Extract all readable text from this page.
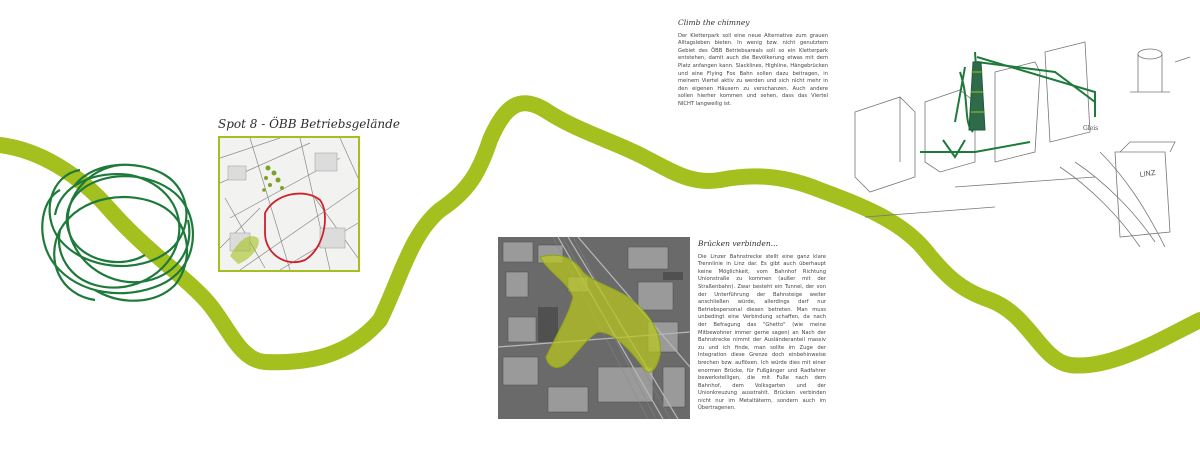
Spot 8 - ÖBB Betriebsgelände
Climb the chimney
Der Kletterpark soll eine neue Alternative zum grauen Alltagsleben bieten. In wenig bzw. nicht genutztem Gebiet des ÖBB Betriebsareals soll so ein Kletterpark entstehen, damit auch die Bevölkerung etwas mit dem Platz anfangen kann. Slacklines, Highline, Hängebrücken und eine Flying Fox Bahn sollen dazu beitragen, in meinem Viertel aktiv zu werden und sich nicht mehr in den eigenen Häusern zu verschanzen. Auch andere sollen hierher kommen und sehen, dass das Viertel NICHT langweilig ist.
LINZ
Gleis
Brücken verbinden...
Die Linzer Bahnstrecke stellt eine ganz klare Trennlinie in Linz dar. Es gibt auch überhaupt keine Möglichkeit, vom Bahnhof Richtung Unionstraße zu kommen (außer mit der Straßenbahn). Zwar besteht ein Tunnel, der von der Unterführung der Bahnsteige weiter anschließen würde, allerdings darf nur Betriebspersonal diesen betreten. Man muss unbedingt eine Verbindung schaffen, da nach der Befragung das "Ghetto" (wie meine Mitbewohner immer gerne sagen) an Nach der Bahnstrecke nimmt der Ausländeranteil massiv zu und ich finde, man sollte im Zuge der Integration diese Grenze doch einbehinweise brechen bzw. auflösen. Ich würde dies mit einer enormen Brücke, für Fußgänger und Radfahrer bewerkstelligen, die mit Fuße nach dem Bahnhof, dem Volksgarten und der Unionkreuzung ausstrahlt. Brücken verbinden nicht nur im Metaltäterm, sondern auch im Übertragenen.
